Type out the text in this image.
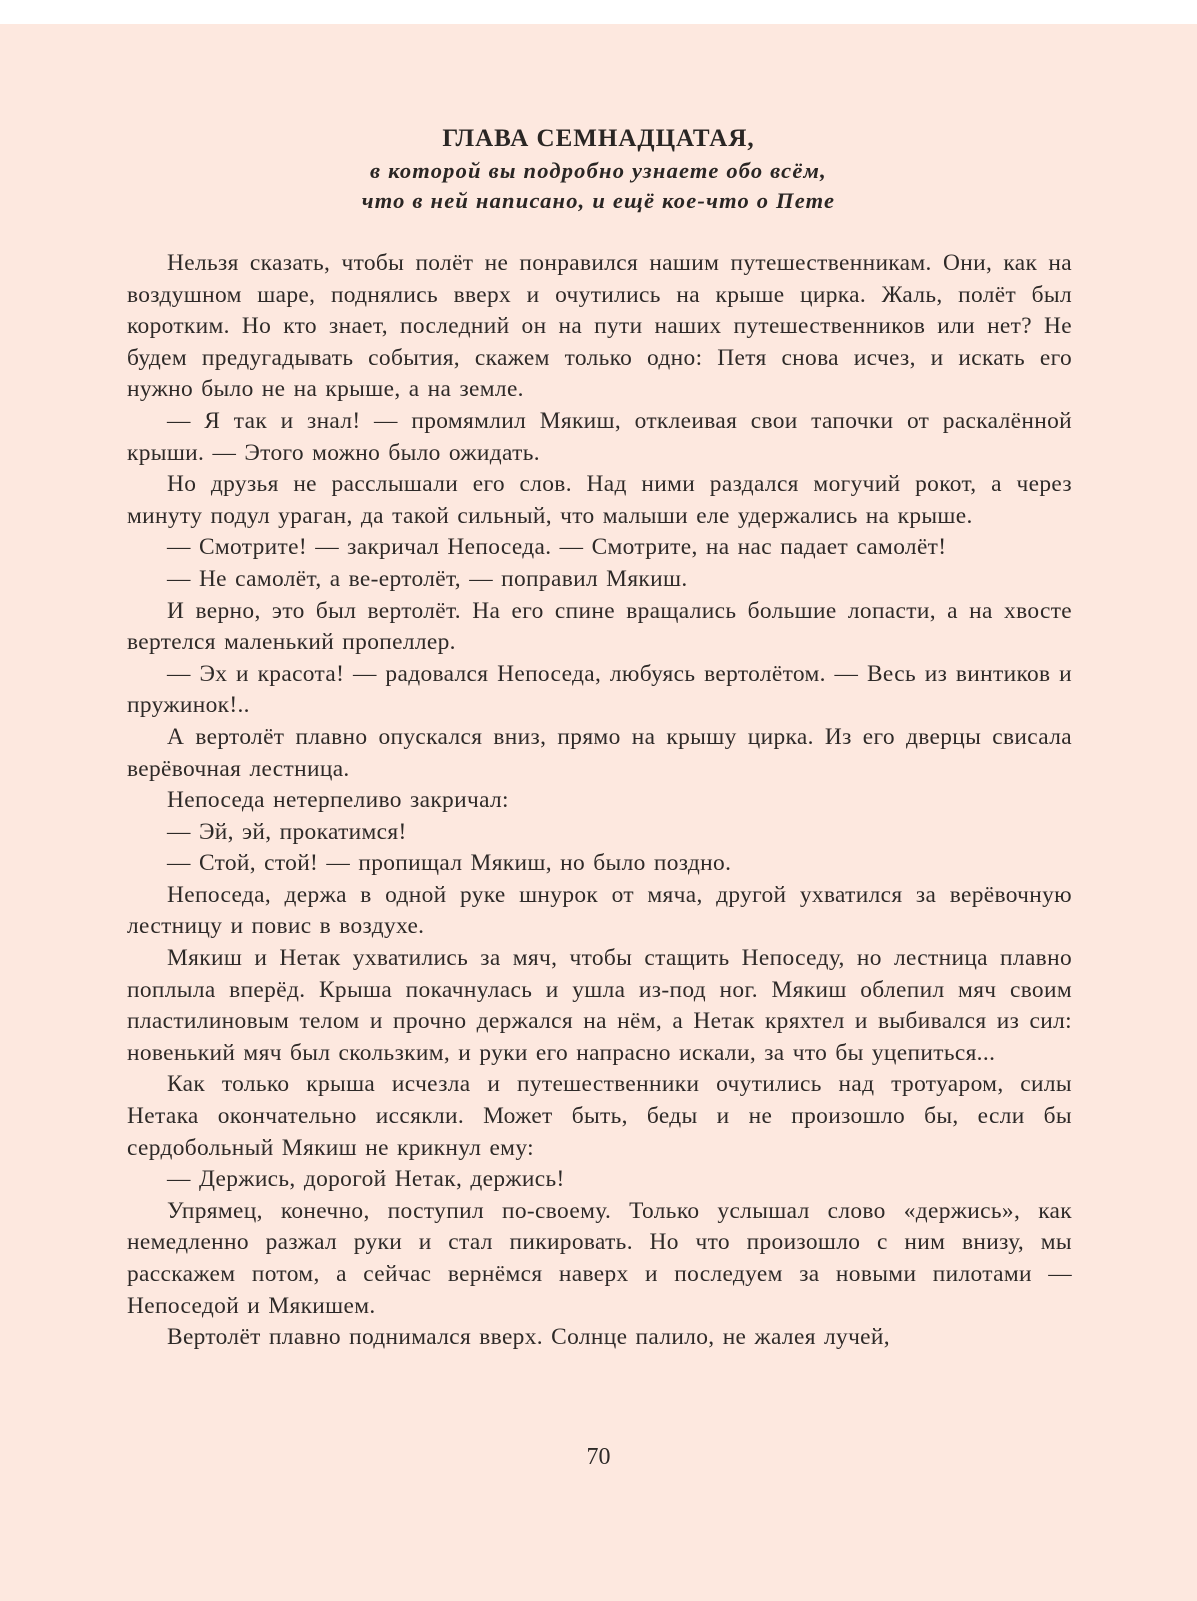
ГЛАВА СЕМНАДЦАТАЯ,
в которой вы подробно узнаете обо всём,
что в ней написано, и ещё кое-что о Пете

Нельзя сказать, чтобы полёт не понравился нашим путешественникам. Они, как на воздушном шаре, поднялись вверх и очутились на крыше цирка. Жаль, полёт был коротким. Но кто знает, последний он на пути наших путешественников или нет? Не будем предугадывать события, скажем только одно: Петя снова исчез, и искать его нужно было не на крыше, а на земле.

— Я так и знал! — промямлил Мякиш, отклеивая свои тапочки от раскалённой крыши. — Этого можно было ожидать.

Но друзья не расслышали его слов. Над ними раздался могучий рокот, а через минуту подул ураган, да такой сильный, что малыши еле удержались на крыше.

— Смотрите! — закричал Непоседа. — Смотрите, на нас падает самолёт!

— Не самолёт, а ве-ертолёт, — поправил Мякиш.

И верно, это был вертолёт. На его спине вращались большие лопасти, а на хвосте вертелся маленький пропеллер.

— Эх и красота! — радовался Непоседа, любуясь вертолётом. — Весь из винтиков и пружинок!..

А вертолёт плавно опускался вниз, прямо на крышу цирка. Из его дверцы свисала верёвочная лестница.

Непоседа нетерпеливо закричал:

— Эй, эй, прокатимся!

— Стой, стой! — пропищал Мякиш, но было поздно.

Непоседа, держа в одной руке шнурок от мяча, другой ухватился за верёвочную лестницу и повис в воздухе.

Мякиш и Нетак ухватились за мяч, чтобы стащить Непоседу, но лестница плавно поплыла вперёд. Крыша покачнулась и ушла из-под ног. Мякиш облепил мяч своим пластилиновым телом и прочно держался на нём, а Нетак кряхтел и выбивался из сил: новенький мяч был скользким, и руки его напрасно искали, за что бы уцепиться...

Как только крыша исчезла и путешественники очутились над тротуаром, силы Нетака окончательно иссякли. Может быть, беды и не произошло бы, если бы сердобольный Мякиш не крикнул ему:

— Держись, дорогой Нетак, держись!

Упрямец, конечно, поступил по-своему. Только услышал слово «держись», как немедленно разжал руки и стал пикировать. Но что произошло с ним внизу, мы расскажем потом, а сейчас вернёмся наверх и последуем за новыми пилотами — Непоседой и Мякишем.

Вертолёт плавно поднимался вверх. Солнце палило, не жалея лучей,

70
